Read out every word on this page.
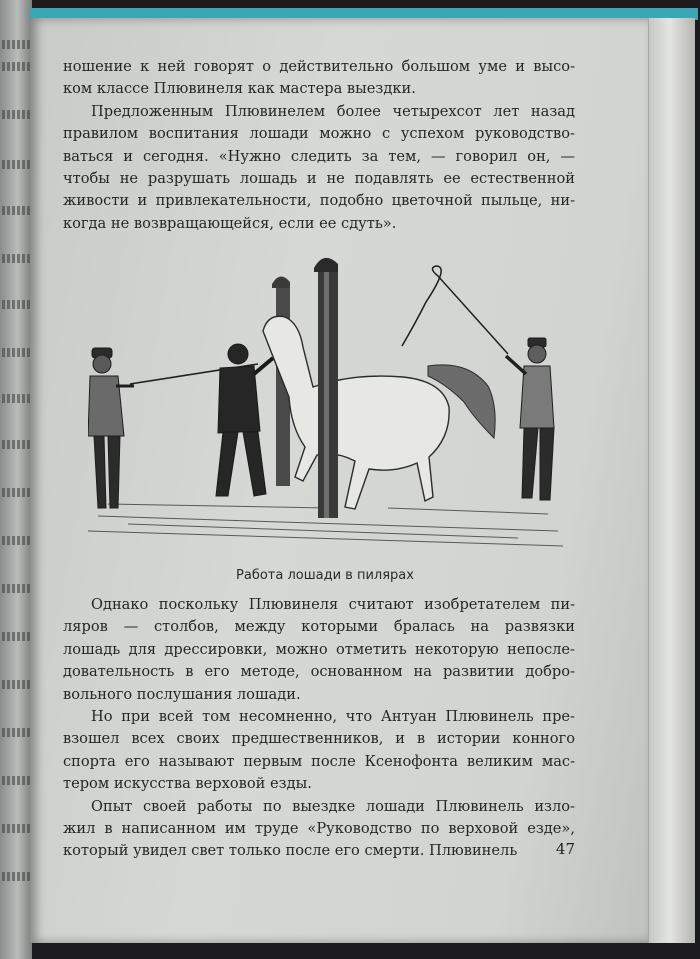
ношение к ней говорят о действительно большом уме и высо-
ком классе Плювинеля как мастера выездки.
Предложенным Плювинелем более четырехсот лет назад
правилом воспитания лошади можно с успехом руководство-
ваться и сегодня. «Нужно следить за тем, — говорил он, —
чтобы не разрушать лошадь и не подавлять ее естественной
живости и привлекательности, подобно цветочной пыльце, ни-
когда не возвращающейся, если ее сдуть».
Работа лошади в пилярах
Однако поскольку Плювинеля считают изобретателем пи-
ляров — столбов, между которыми бралась на развязки
лошадь для дрессировки, можно отметить некоторую непосле-
довательность в его методе, основанном на развитии добро-
вольного послушания лошади.
Но при всей том несомненно, что Антуан Плювинель пре-
взошел всех своих предшественников, и в истории конного
спорта его называют первым после Ксенофонта великим мас-
тером искусства верховой езды.
Опыт своей работы по выездке лошади Плювинель изло-
жил в написанном им труде «Руководство по верховой езде»,
который увидел свет только после его смерти. Плювинель	47
